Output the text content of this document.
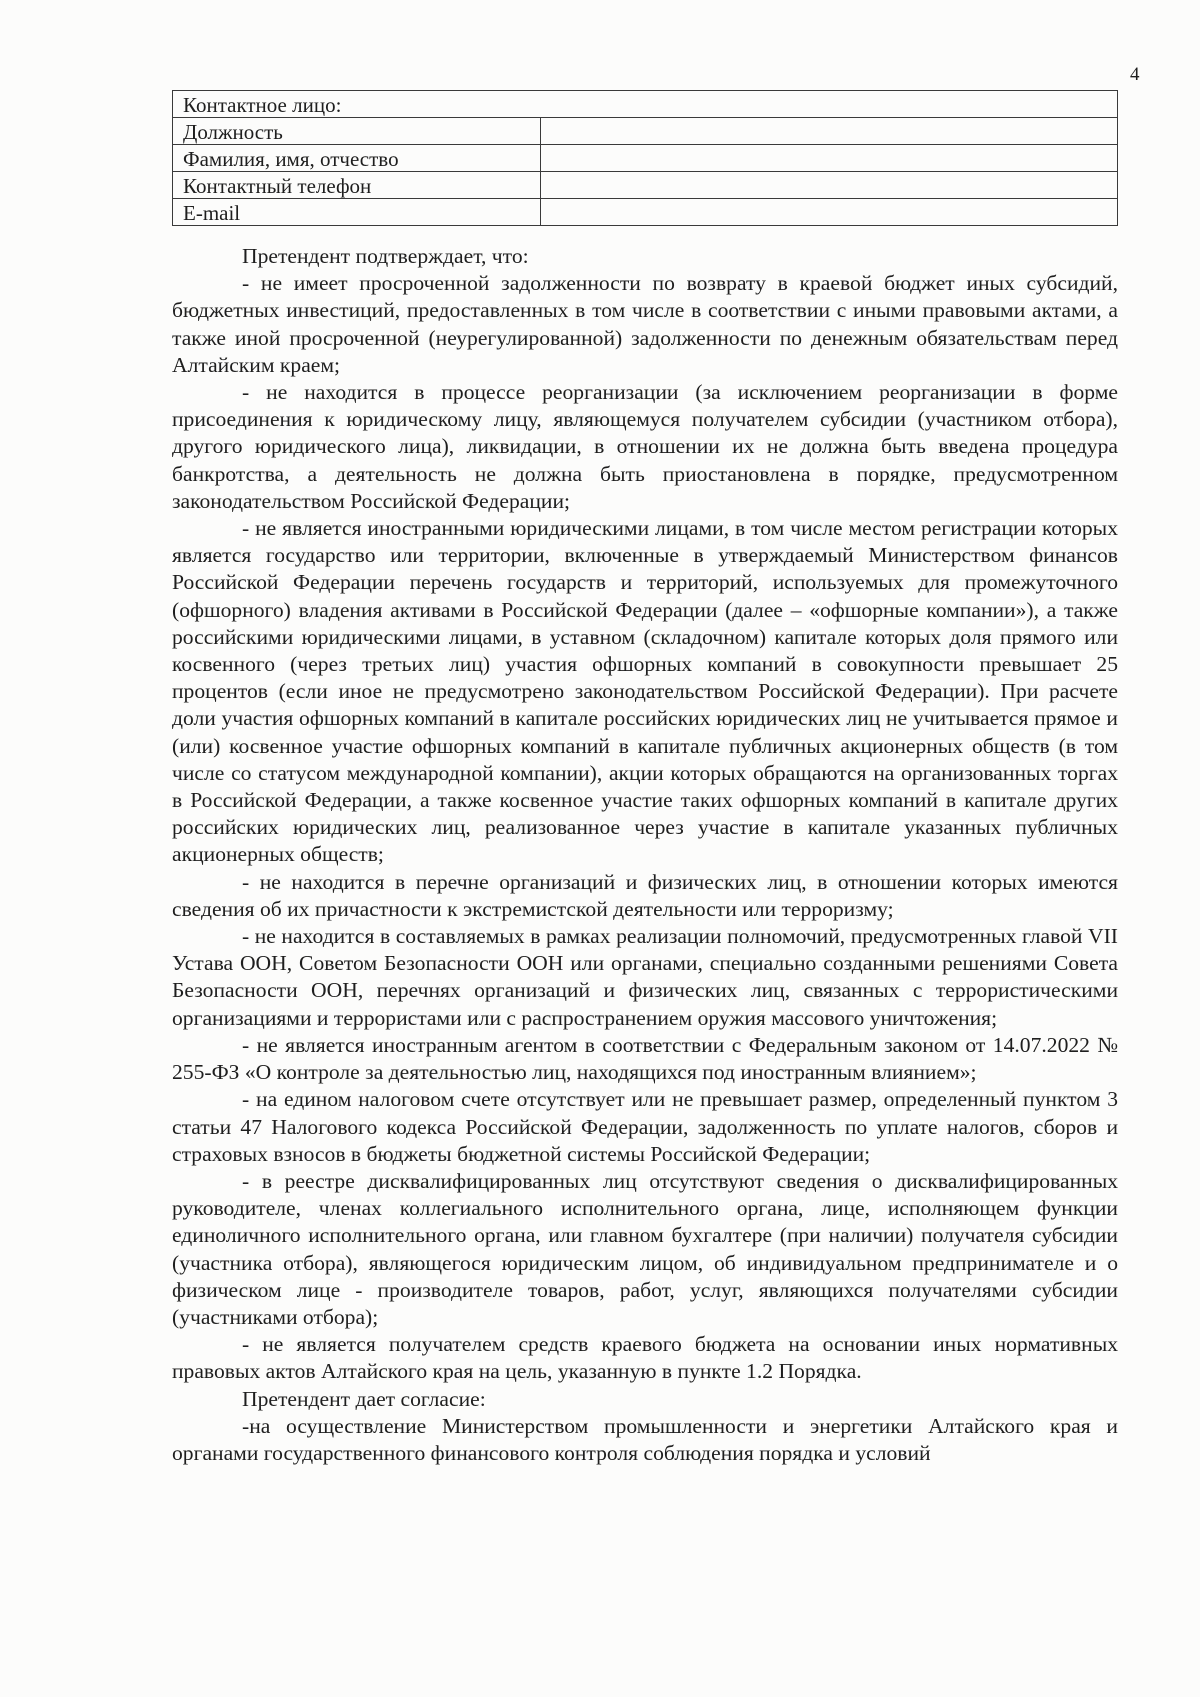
4
Контактное лицо:	
Должность	
Фамилия, имя, отчество	
Контактный телефон	
E-mail	

Претендент подтверждает, что:

- не имеет просроченной задолженности по возврату в краевой бюджет иных субсидий, бюджетных инвестиций, предоставленных в том числе в соответствии с иными правовыми актами, а также иной просроченной (неурегулированной) задолженности по денежным обязательствам перед Алтайским краем;

- не находится в процессе реорганизации (за исключением реорганизации в форме присоединения к юридическому лицу, являющемуся получателем субсидии (участником отбора), другого юридического лица), ликвидации, в отношении их не должна быть введена процедура банкротства, а деятельность не должна быть приостановлена в порядке, предусмотренном законодательством Российской Федерации;

- не является иностранными юридическими лицами, в том числе местом регистрации которых является государство или территории, включенные в утверждаемый Министерством финансов Российской Федерации перечень государств и территорий, используемых для промежуточного (офшорного) владения активами в Российской Федерации (далее – «офшорные компании»), а также российскими юридическими лицами, в уставном (складочном) капитале которых доля прямого или косвенного (через третьих лиц) участия офшорных компаний в совокупности превышает 25 процентов (если иное не предусмотрено законодательством Российской Федерации). При расчете доли участия офшорных компаний в капитале российских юридических лиц не учитывается прямое и (или) косвенное участие офшорных компаний в капитале публичных акционерных обществ (в том числе со статусом международной компании), акции которых обращаются на организованных торгах в Российской Федерации, а также косвенное участие таких офшорных компаний в капитале других российских юридических лиц, реализованное через участие в капитале указанных публичных акционерных обществ;

- не находится в перечне организаций и физических лиц, в отношении которых имеются сведения об их причастности к экстремистской деятельности или терроризму;

- не находится в составляемых в рамках реализации полномочий, предусмотренных главой VII Устава ООН, Советом Безопасности ООН или органами, специально созданными решениями Совета Безопасности ООН, перечнях организаций и физических лиц, связанных с террористическими организациями и террористами или с распространением оружия массового уничтожения;

- не является иностранным агентом в соответствии с Федеральным законом от 14.07.2022 № 255-ФЗ «О контроле за деятельностью лиц, находящихся под иностранным влиянием»;

- на едином налоговом счете отсутствует или не превышает размер, определенный пунктом 3 статьи 47 Налогового кодекса Российской Федерации, задолженность по уплате налогов, сборов и страховых взносов в бюджеты бюджетной системы Российской Федерации;

- в реестре дисквалифицированных лиц отсутствуют сведения о дисквалифицированных руководителе, членах коллегиального исполнительного органа, лице, исполняющем функции единоличного исполнительного органа, или главном бухгалтере (при наличии) получателя субсидии (участника отбора), являющегося юридическим лицом, об индивидуальном предпринимателе и о физическом лице - производителе товаров, работ, услуг, являющихся получателями субсидии (участниками отбора);

- не является получателем средств краевого бюджета на основании иных нормативных правовых актов Алтайского края на цель, указанную в пункте 1.2 Порядка.

Претендент дает согласие:

-на осуществление Министерством промышленности и энергетики Алтайского края и органами государственного финансового контроля соблюдения порядка и условий
